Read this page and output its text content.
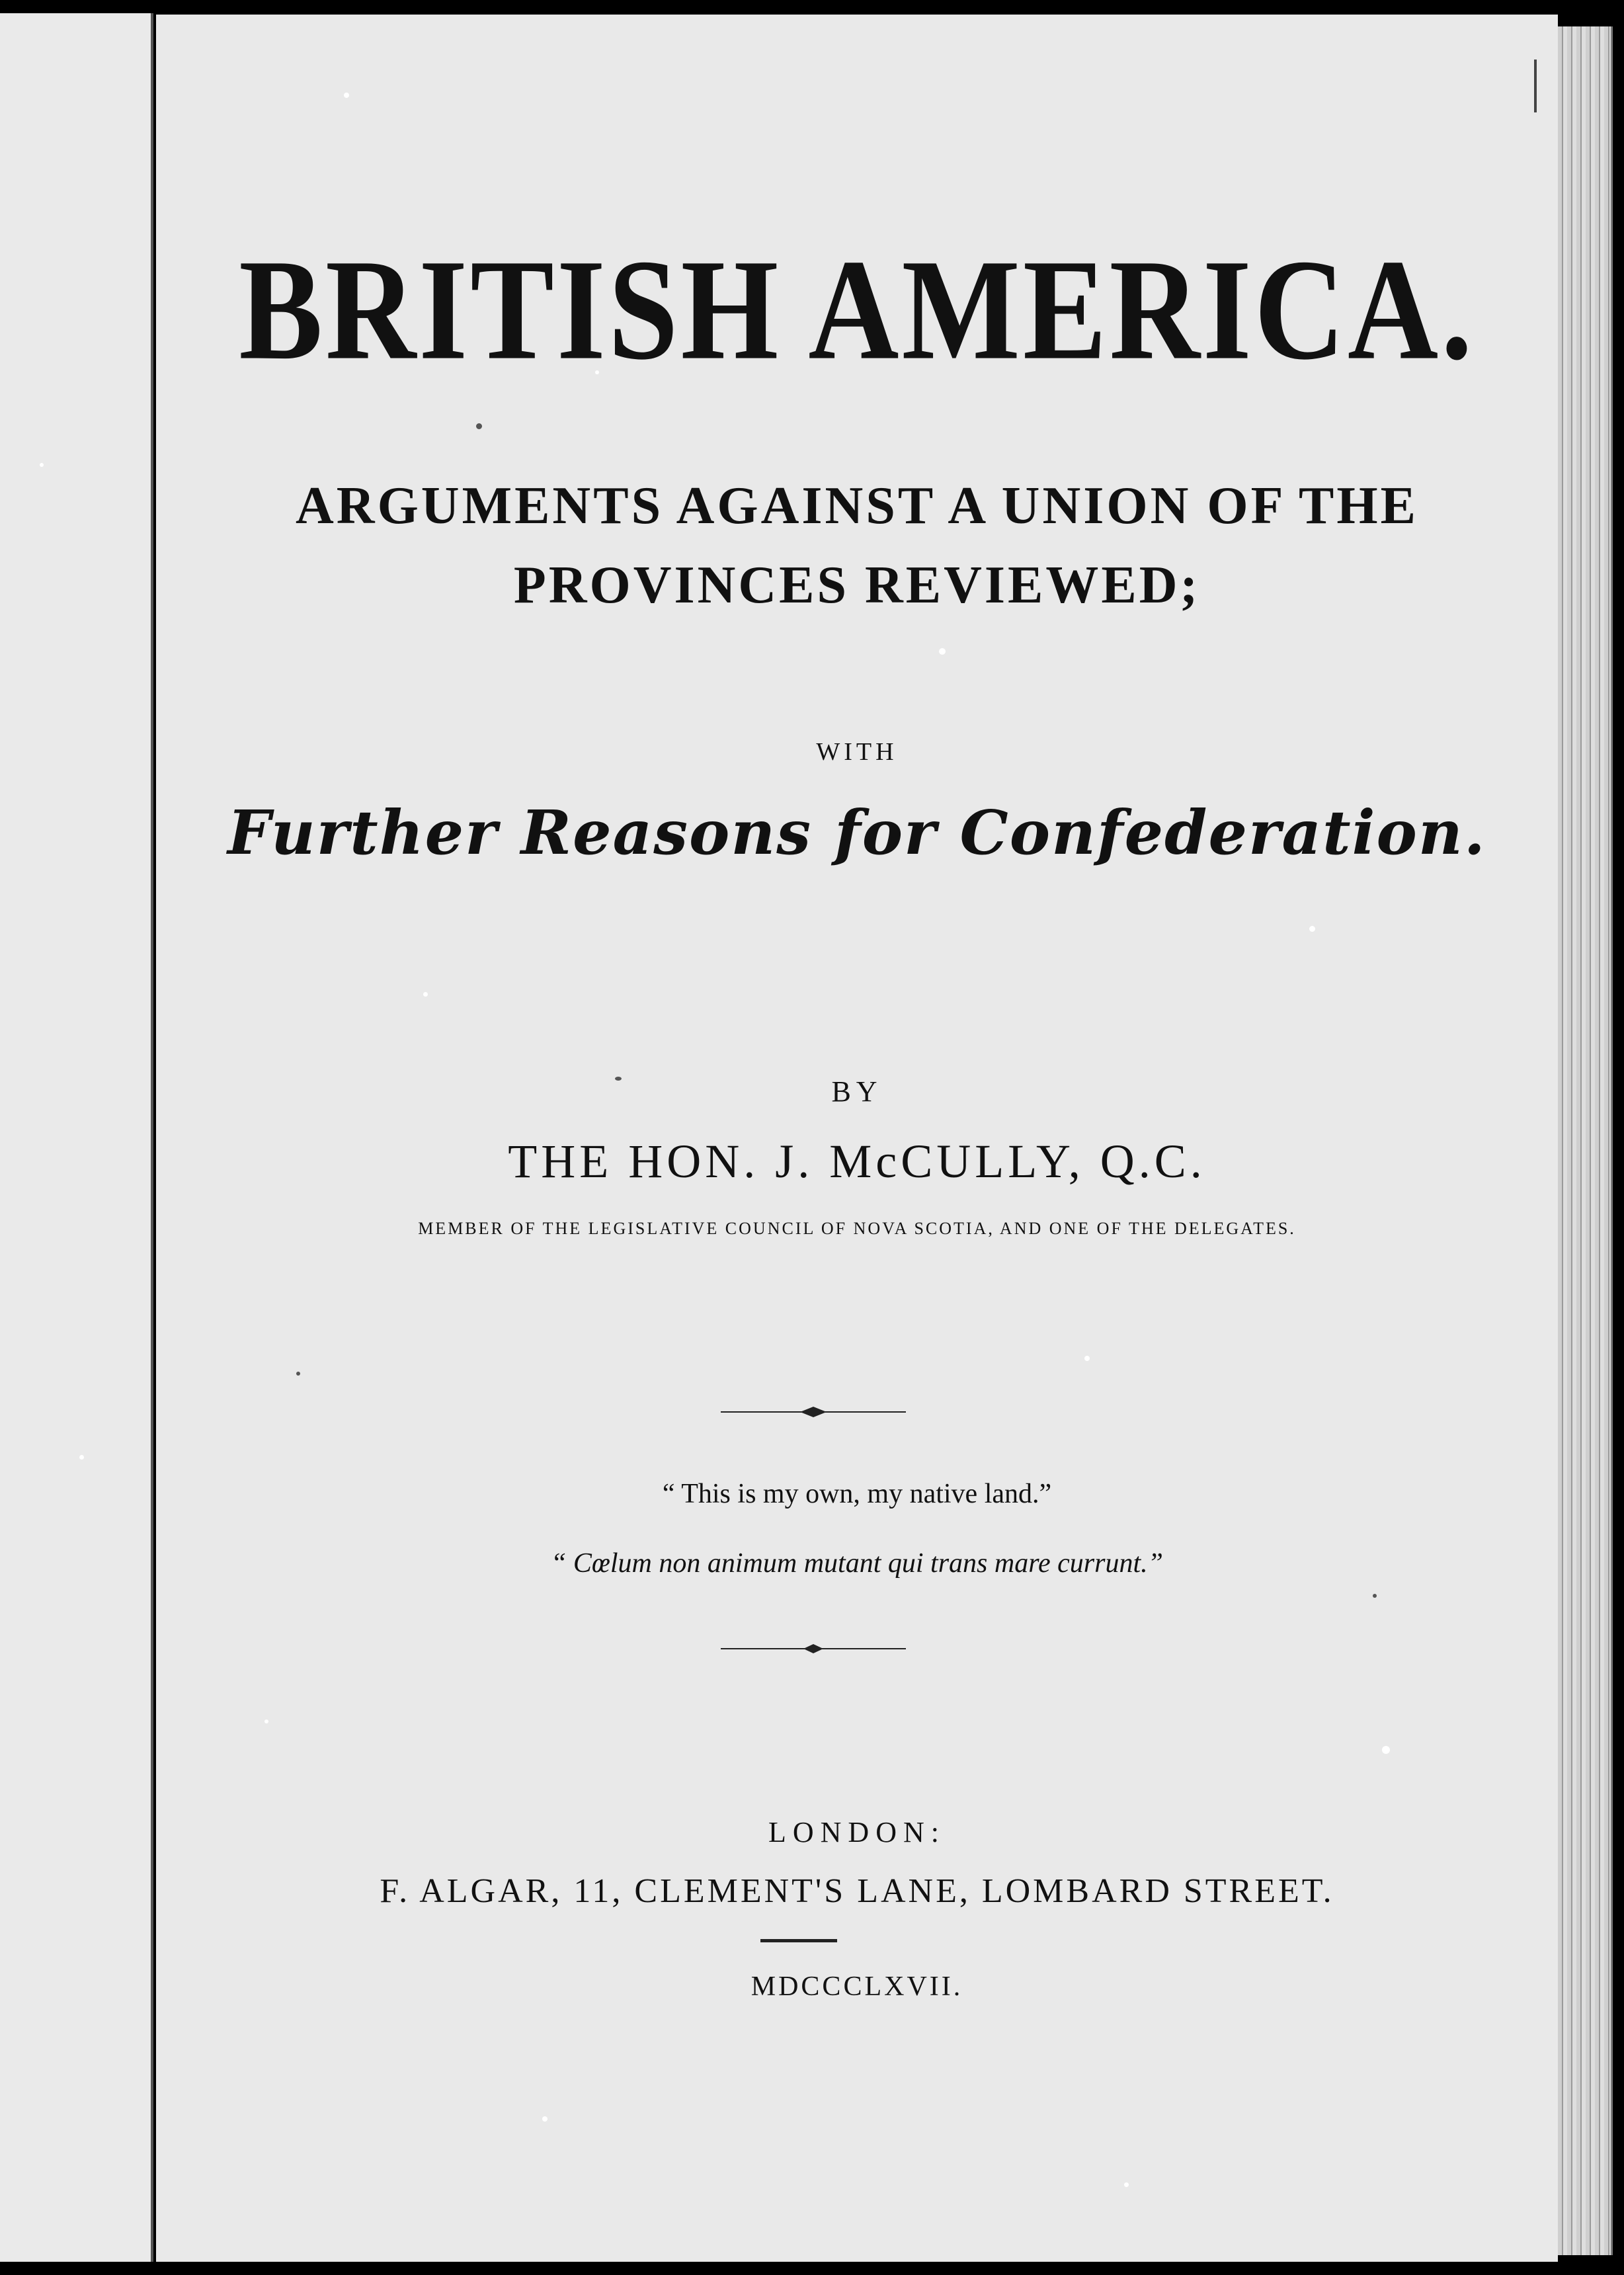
BRITISH AMERICA.
ARGUMENTS AGAINST A UNION OF THE
PROVINCES REVIEWED;
WITH
Further Reasons for Confederation.
BY
THE HON. J. McCULLY, Q.C.
MEMBER OF THE LEGISLATIVE COUNCIL OF NOVA SCOTIA, AND ONE OF THE DELEGATES.
“ This is my own, my native land.”
“ Cœlum non animum mutant qui trans mare currunt.”
LONDON:
F. ALGAR, 11, CLEMENT'S LANE, LOMBARD STREET.
MDCCCLXVII.
